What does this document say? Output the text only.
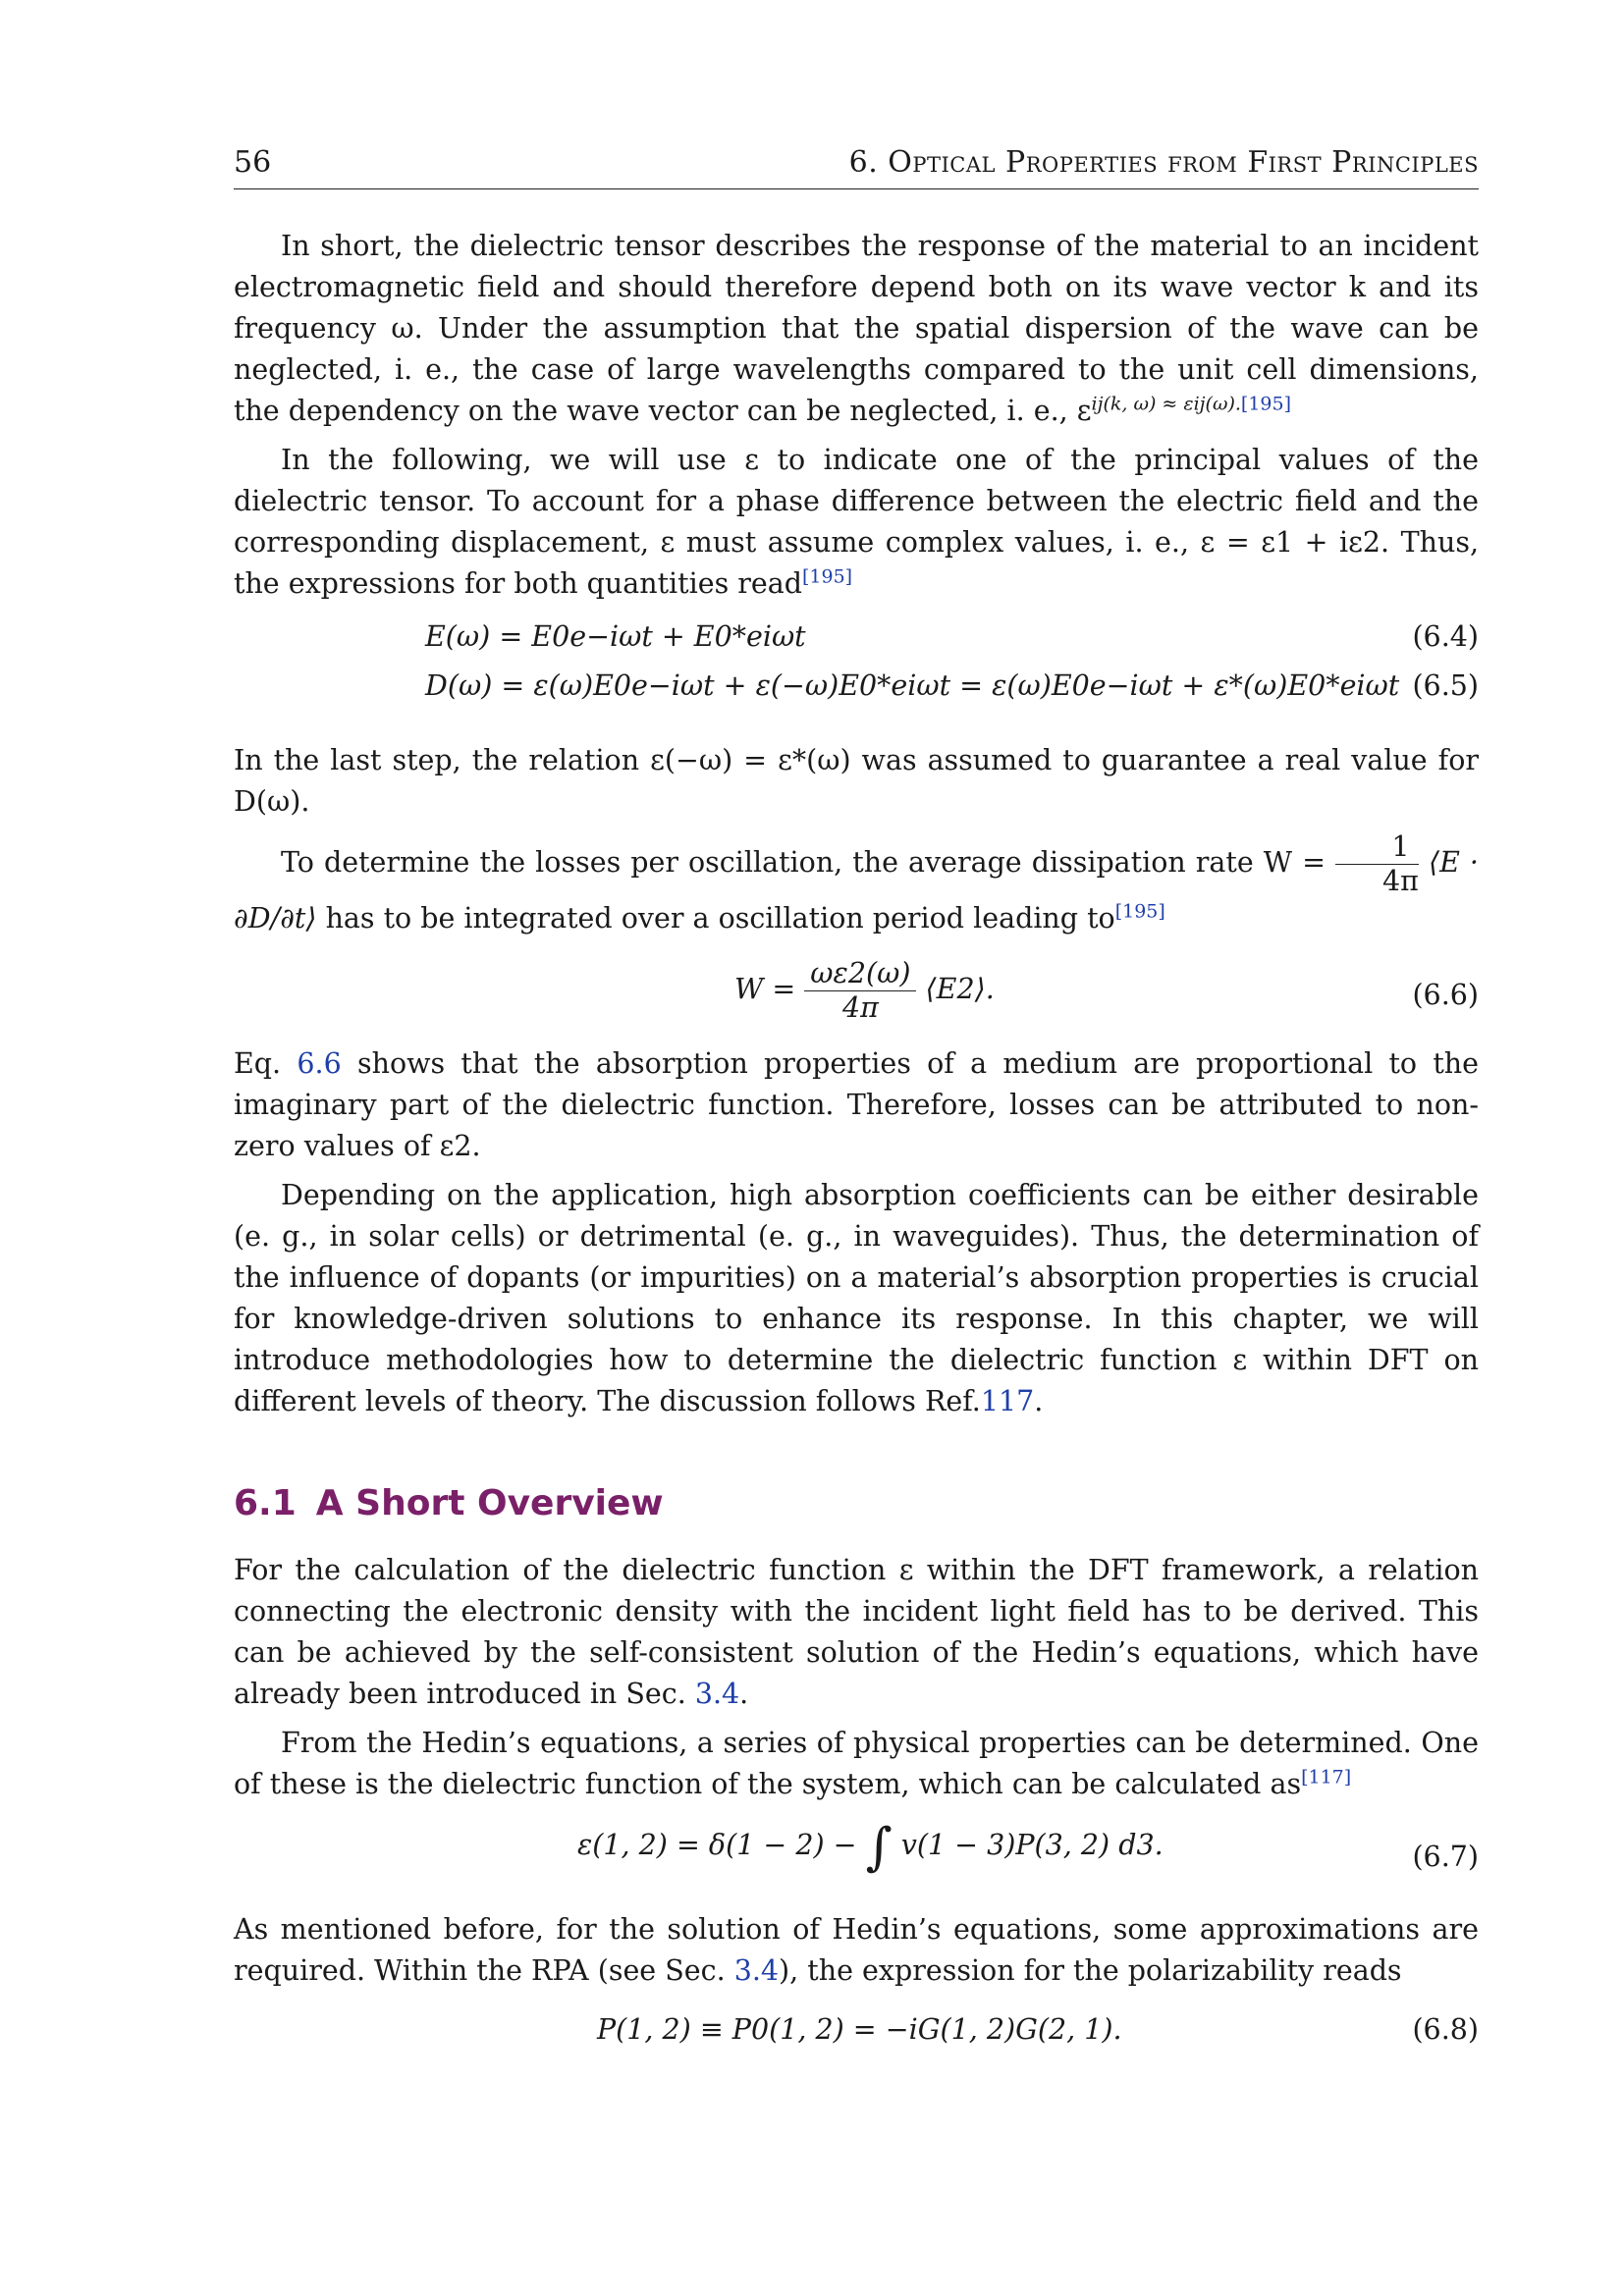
56	6. Optical Properties from First Principles

In short, the dielectric tensor describes the response of the material to an incident electromagnetic field and should therefore depend both on its wave vector k and its frequency ω. Under the assumption that the spatial dispersion of the wave can be neglected, i. e., the case of large wavelengths compared to the unit cell dimensions, the dependency on the wave vector can be neglected, i. e., ε$^{ij(k, \omega) \approx \varepsilon ij(\omega).[195]}$

In the following, we will use ε to indicate one of the principal values of the dielectric tensor. To account for a phase difference between the electric field and the corresponding displacement, ε must assume complex values, i. e., ε = ε1 + iε2. Thus, the expressions for both quantities read[195]

E(ω) = E0e−iωt + E0*eiωt	(6.4)
D(ω) = ε(ω)E0e−iωt + ε(−ω)E0*eiωt = ε(ω)E0e−iωt + ε*(ω)E0*eiωt (6.5)

In the last step, the relation ε(−ω) = ε*(ω) was assumed to guarantee a real value for D(ω).

To determine the losses per oscillation, the average dissipation rate $W = \frac{1}{4\pi}$ ⟨E · ∂D/∂t⟩ has to be integrated over a oscillation period leading to[195]

$W = \frac{\omega\varepsilon 2(\omega)}{4\pi}$ ⟨E2⟩.	(6.6)

Eq. 6.6 shows that the absorption properties of a medium are proportional to the imaginary part of the dielectric function. Therefore, losses can be attributed to non-zero values of ε2.

Depending on the application, high absorption coefficients can be either desirable (e. g., in solar cells) or detrimental (e. g., in waveguides). Thus, the determination of the influence of dopants (or impurities) on a material’s absorption properties is crucial for knowledge-driven solutions to enhance its response. In this chapter, we will introduce methodologies how to determine the dielectric function ε within DFT on different levels of theory. The discussion follows Ref.117.

6.1 A Short Overview

For the calculation of the dielectric function ε within the DFT framework, a relation connecting the electronic density with the incident light field has to be derived. This can be achieved by the self-consistent solution of the Hedin’s equations, which have already been introduced in Sec. 3.4.

From the Hedin’s equations, a series of physical properties can be determined. One of these is the dielectric function of the system, which can be calculated as[117]

ε(1, 2) = δ(1 − 2) − ∫ v(1 − 3)P(3, 2) d3.	(6.7)

As mentioned before, for the solution of Hedin’s equations, some approximations are required. Within the RPA (see Sec. 3.4), the expression for the polarizability reads

P(1, 2) ≡ P0(1, 2) = −iG(1, 2)G(2, 1).	(6.8)
